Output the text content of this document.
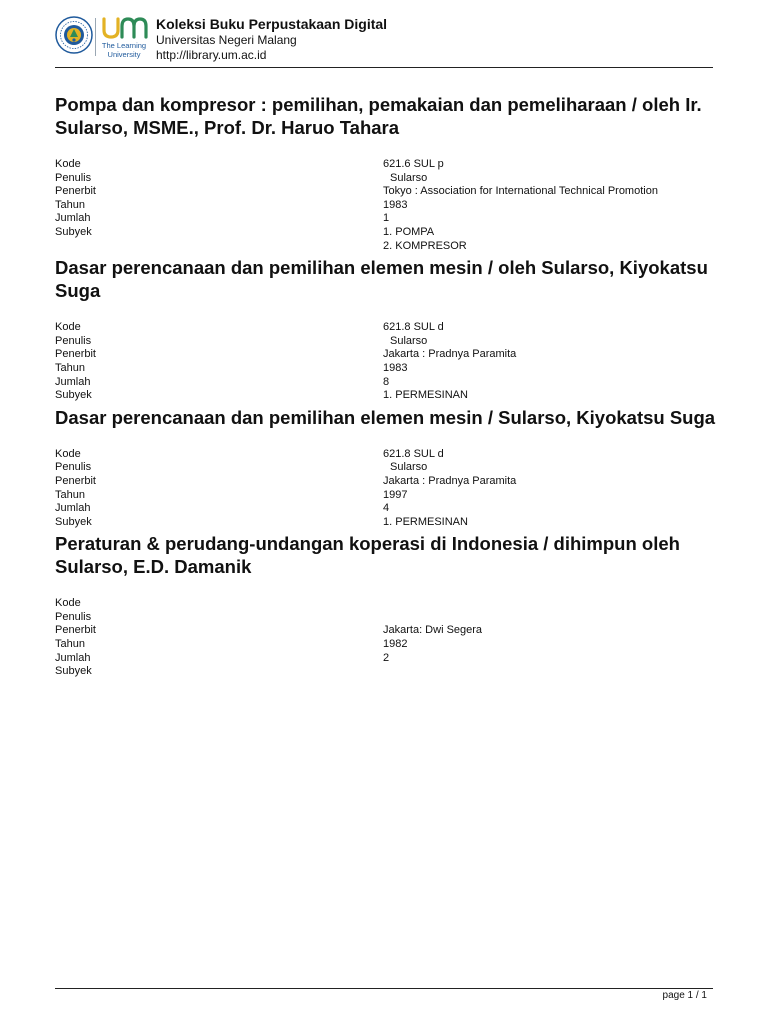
The Learning
University
Koleksi Buku Perpustakaan Digital
Universitas Negeri Malang
http://library.um.ac.id
Pompa dan kompresor : pemilihan, pemakaian dan pemeliharaan / oleh Ir. Sularso, MSME., Prof. Dr. Haruo Tahara
Kode	621.6 SUL p
Penulis	Sularso
Penerbit	Tokyo : Association for International Technical Promotion
Tahun	1983
Jumlah	1
Subyek	1. POMPA
2. KOMPRESOR
Dasar perencanaan dan pemilihan elemen mesin / oleh Sularso, Kiyokatsu Suga
Kode	621.8 SUL d
Penulis	Sularso
Penerbit	Jakarta : Pradnya Paramita
Tahun	1983
Jumlah	8
Subyek	1. PERMESINAN
Dasar perencanaan dan pemilihan elemen mesin / Sularso, Kiyokatsu Suga
Kode	621.8 SUL d
Penulis	Sularso
Penerbit	Jakarta : Pradnya Paramita
Tahun	1997
Jumlah	4
Subyek	1. PERMESINAN
Peraturan & perudang-undangan koperasi di Indonesia / dihimpun oleh Sularso, E.D. Damanik
Kode
Penulis
Penerbit	Jakarta: Dwi Segera
Tahun	1982
Jumlah	2
Subyek
page 1 / 1
